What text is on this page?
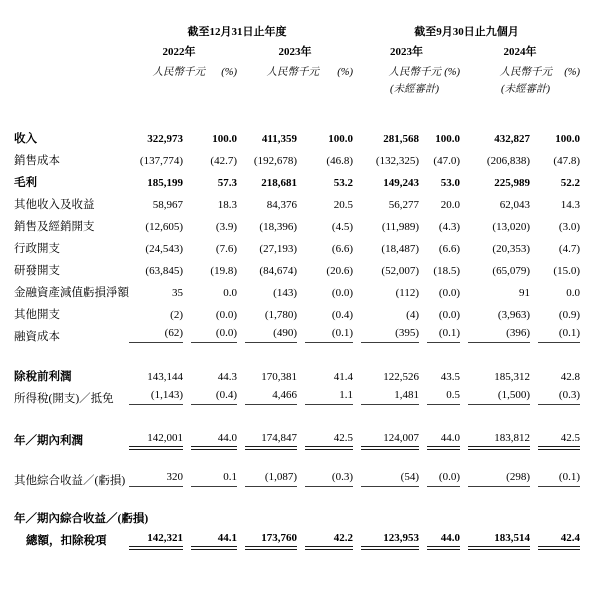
	截至12月31日止年度				截至9月30日止九個月			
	2022年		2023年		2023年		2024年	
	人民幣千元	(%)	人民幣千元	(%)	人民幣千元	(%)	人民幣千元	(%)
					(未經審計)		(未經審計)	

收入	322,973	100.0	411,359	100.0	281,568	100.0	432,827	100.0
銷售成本	(137,774)	(42.7)	(192,678)	(46.8)	(132,325)	(47.0)	(206,838)	(47.8)
毛利	185,199	57.3	218,681	53.2	149,243	53.0	225,989	52.2
其他收入及收益	58,967	18.3	84,376	20.5	56,277	20.0	62,043	14.3
銷售及經銷開支	(12,605)	(3.9)	(18,396)	(4.5)	(11,989)	(4.3)	(13,020)	(3.0)
行政開支	(24,543)	(7.6)	(27,193)	(6.6)	(18,487)	(6.6)	(20,353)	(4.7)
研發開支	(63,845)	(19.8)	(84,674)	(20.6)	(52,007)	(18.5)	(65,079)	(15.0)
金融資產減值虧損淨額	35	0.0	(143)	(0.0)	(112)	(0.0)	91	0.0
其他開支	(2)	(0.0)	(1,780)	(0.4)	(4)	(0.0)	(3,963)	(0.9)
融資成本	(62)	(0.0)	(490)	(0.1)	(395)	(0.1)	(396)	(0.1)

除稅前利潤	143,144	44.3	170,381	41.4	122,526	43.5	185,312	42.8
所得稅(開支)／抵免	(1,143)	(0.4)	4,466	1.1	1,481	0.5	(1,500)	(0.3)

年／期內利潤	142,001	44.0	174,847	42.5	124,007	44.0	183,812	42.5

其他綜合收益／(虧損)	320	0.1	(1,087)	(0.3)	(54)	(0.0)	(298)	(0.1)

年／期內綜合收益／(虧損)								
總額，扣除稅項	142,321	44.1	173,760	42.2	123,953	44.0	183,514	42.4
